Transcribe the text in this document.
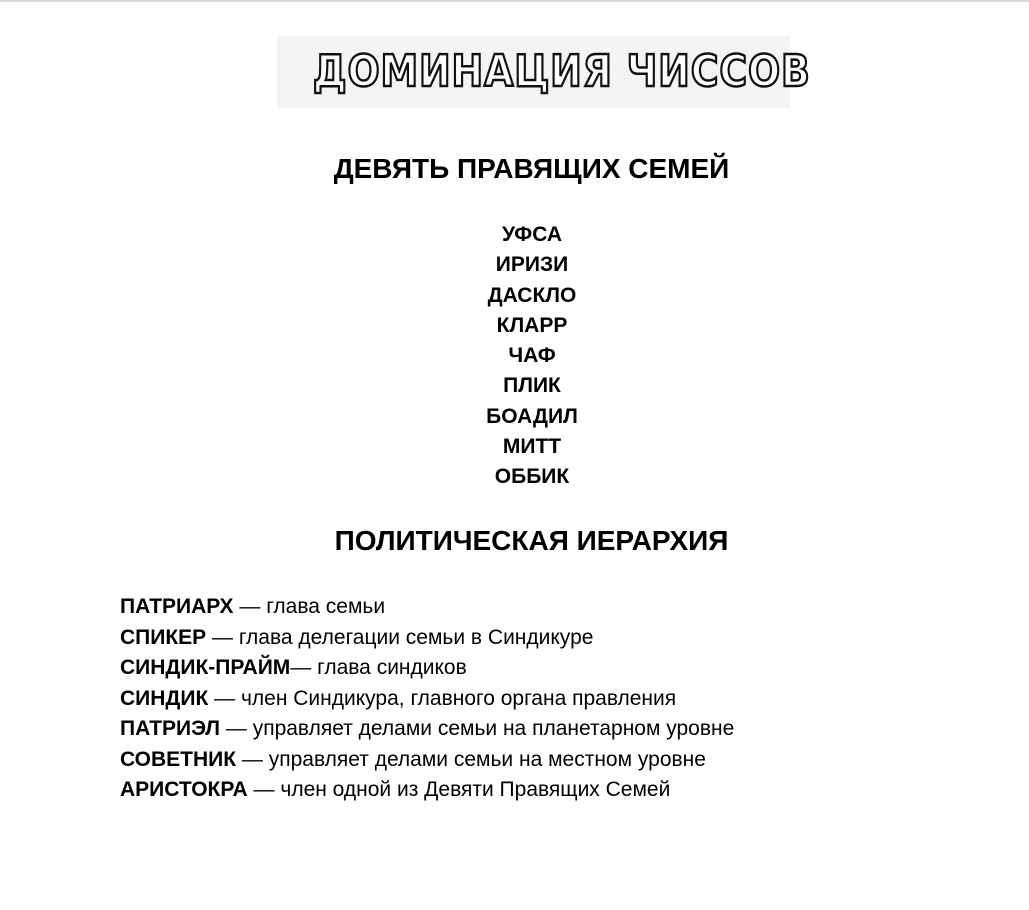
ДОМИНАЦИЯ ЧИССОВ
ДЕВЯТЬ ПРАВЯЩИХ СЕМЕЙ
УФСА
ИРИЗИ
ДАСКЛО
КЛАРР
ЧАФ
ПЛИК
БОАДИЛ
МИТТ
ОББИК
ПОЛИТИЧЕСКАЯ ИЕРАРХИЯ
ПАТРИАРХ — глава семьи
СПИКЕР — глава делегации семьи в Синдикуре
СИНДИК-ПРАЙМ— глава синдиков
СИНДИК — член Синдикура, главного органа правления
ПАТРИЭЛ — управляет делами семьи на планетарном уровне
СОВЕТНИК — управляет делами семьи на местном уровне
АРИСТОКРА — член одной из Девяти Правящих Семей
